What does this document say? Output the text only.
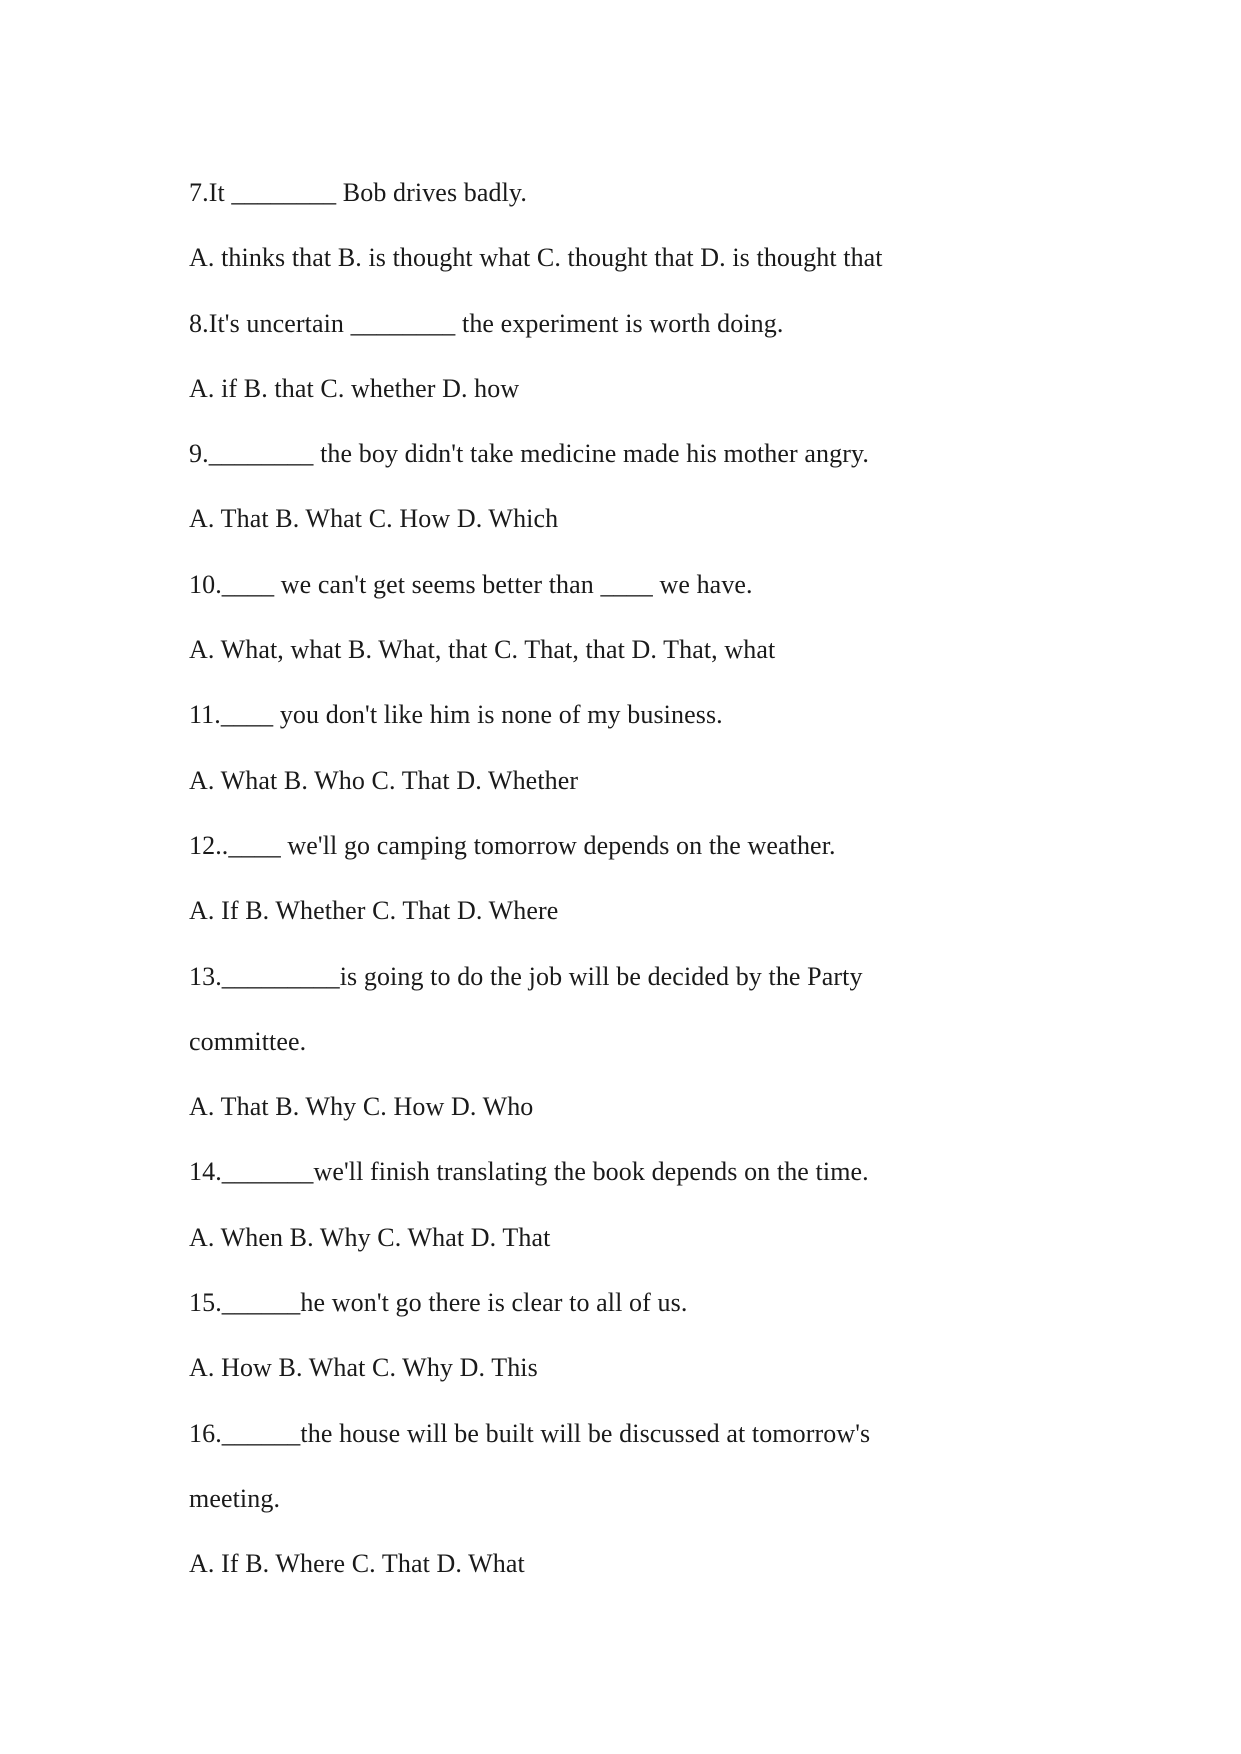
7.It ________ Bob drives badly.
A. thinks that B. is thought what C. thought that D. is thought that
8.It's uncertain ________ the experiment is worth doing.
A. if B. that C. whether D. how
9.________ the boy didn't take medicine made his mother angry.
A. That B. What C. How D. Which
10.____ we can't get seems better than ____ we have.
A. What, what B. What, that C. That, that D. That, what
11.____ you don't like him is none of my business.
A. What B. Who C. That D. Whether
12..____ we'll go camping tomorrow depends on the weather.
A. If B. Whether C. That D. Where
13._________is going to do the job will be decided by the Party
committee.
A. That B. Why C. How D. Who
14._______we'll finish translating the book depends on the time.
A. When B. Why C. What D. That
15.______he won't go there is clear to all of us.
A. How B. What C. Why D. This
16.______the house will be built will be discussed at tomorrow's
meeting.
A. If B. Where C. That D. What
